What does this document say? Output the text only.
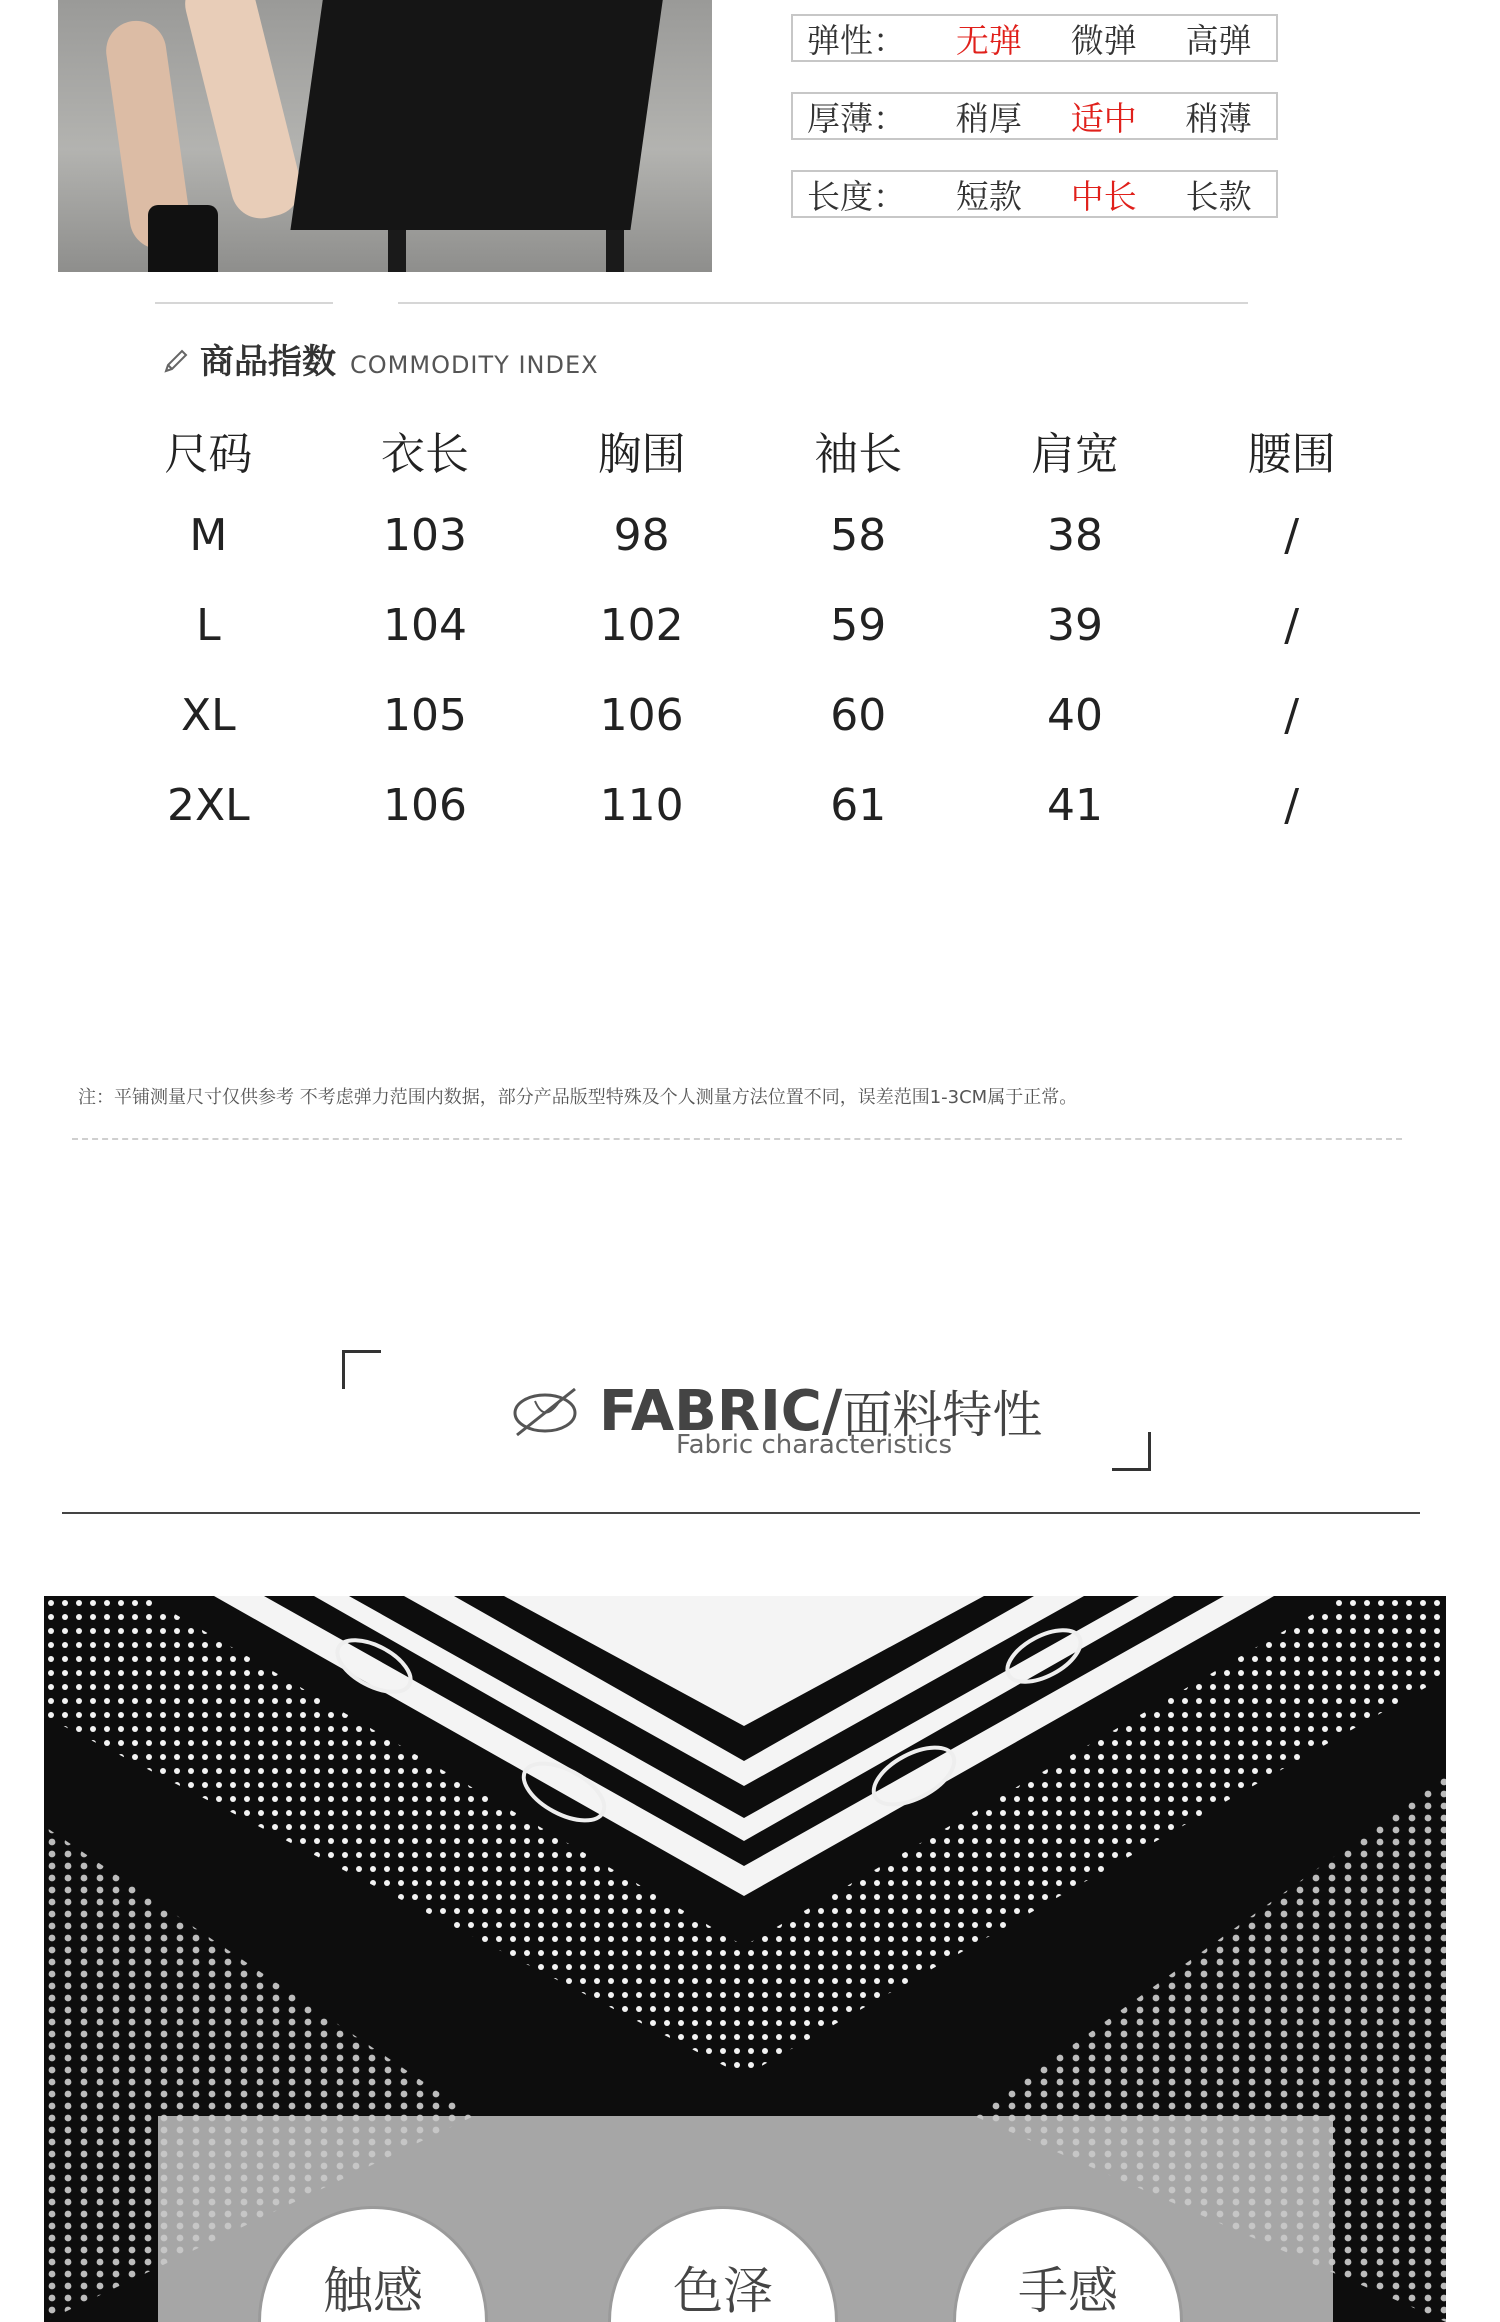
弹性：	无弹	微弹	高弹
厚薄：	稍厚	适中	稍薄
长度：	短款	中长	长款
商品指数 COMMODITY INDEX
尺码	衣长	胸围	袖长	肩宽	腰围
M	103	98	58	38	/
L	104	102	59	39	/
XL	105	106	60	40	/
2XL	106	110	61	41	/
注：平铺测量尺寸仅供参考 不考虑弹力范围内数据，部分产品版型特殊及个人测量方法位置不同，误差范围1-3CM属于正常。
FABRIC/ 面料特性
Fabric characteristics
触感	色泽	手感
